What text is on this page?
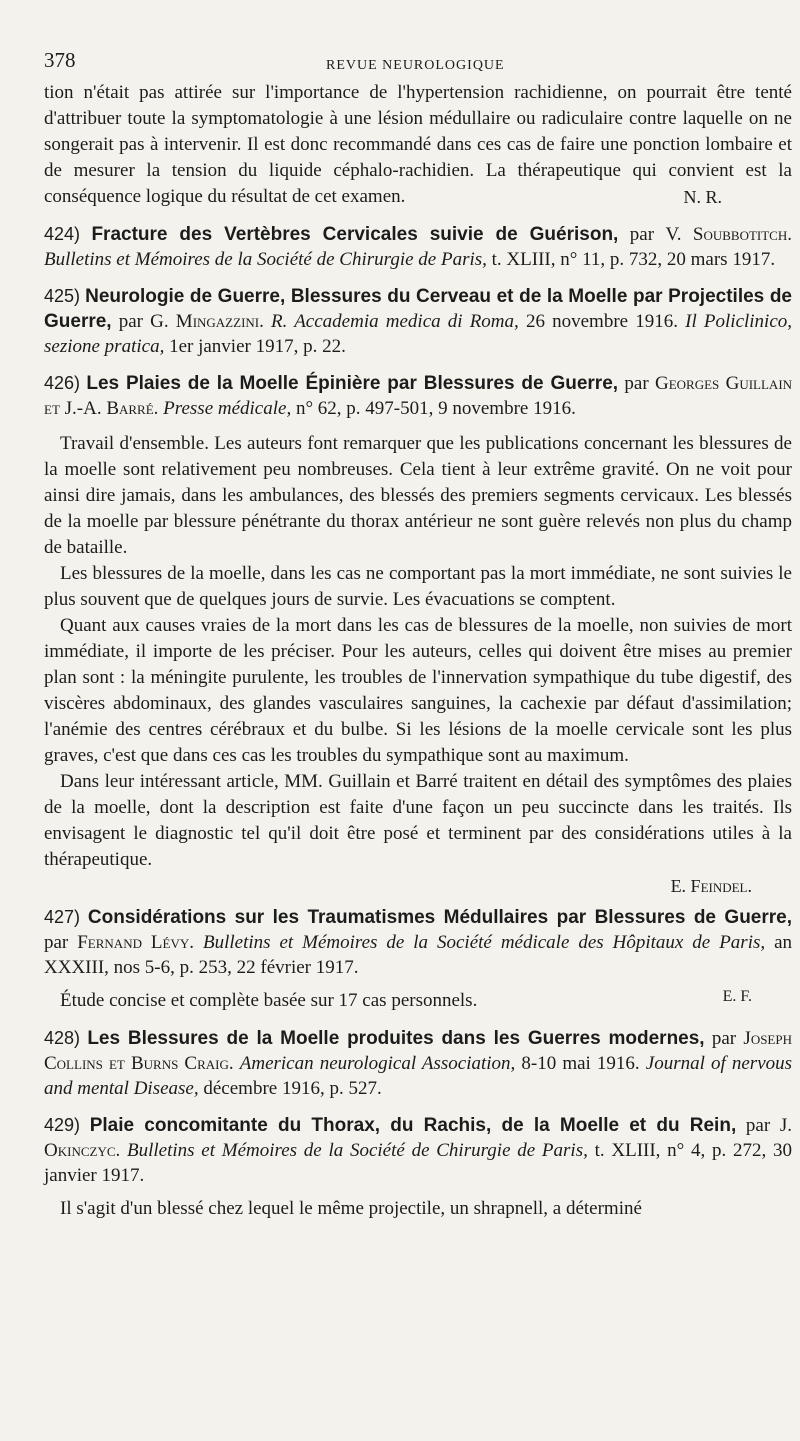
378	REVUE NEUROLOGIQUE

tion n'était pas attirée sur l'importance de l'hypertension rachidienne, on pourrait être tenté d'attribuer toute la symptomatologie à une lésion médullaire ou radiculaire contre laquelle on ne songerait pas à intervenir. Il est donc recommandé dans ces cas de faire une ponction lombaire et de mesurer la tension du liquide céphalo-rachidien. La thérapeutique qui convient est la conséquence logique du résultat de cet examen.	N. R.

424) Fracture des Vertèbres Cervicales suivie de Guérison, par V. Soubbotitch. Bulletins et Mémoires de la Société de Chirurgie de Paris, t. XLIII, n° 11, p. 732, 20 mars 1917.

425) Neurologie de Guerre, Blessures du Cerveau et de la Moelle par Projectiles de Guerre, par G. Mingazzini. R. Accademia medica di Roma, 26 novembre 1916. Il Policlinico, sezione pratica, 1er janvier 1917, p. 22.

426) Les Plaies de la Moelle Épinière par Blessures de Guerre, par Georges Guillain et J.-A. Barré. Presse médicale, n° 62, p. 497-501, 9 novembre 1916.

Travail d'ensemble. Les auteurs font remarquer que les publications concernant les blessures de la moelle sont relativement peu nombreuses. Cela tient à leur extrême gravité. On ne voit pour ainsi dire jamais, dans les ambulances, des blessés des premiers segments cervicaux. Les blessés de la moelle par blessure pénétrante du thorax antérieur ne sont guère relevés non plus du champ de bataille.

Les blessures de la moelle, dans les cas ne comportant pas la mort immédiate, ne sont suivies le plus souvent que de quelques jours de survie. Les évacuations se comptent.

Quant aux causes vraies de la mort dans les cas de blessures de la moelle, non suivies de mort immédiate, il importe de les préciser. Pour les auteurs, celles qui doivent être mises au premier plan sont : la méningite purulente, les troubles de l'innervation sympathique du tube digestif, des viscères abdominaux, des glandes vasculaires sanguines, la cachexie par défaut d'assimilation; l'anémie des centres cérébraux et du bulbe. Si les lésions de la moelle cervicale sont les plus graves, c'est que dans ces cas les troubles du sympathique sont au maximum.

Dans leur intéressant article, MM. Guillain et Barré traitent en détail des symptômes des plaies de la moelle, dont la description est faite d'une façon un peu succincte dans les traités. Ils envisagent le diagnostic tel qu'il doit être posé et terminent par des considérations utiles à la thérapeutique.

E. Feindel.

427) Considérations sur les Traumatismes Médullaires par Blessures de Guerre, par Fernand Lévy. Bulletins et Mémoires de la Société médicale des Hôpitaux de Paris, an XXXIII, nos 5-6, p. 253, 22 février 1917.

Étude concise et complète basée sur 17 cas personnels.	E. F.

428) Les Blessures de la Moelle produites dans les Guerres modernes, par Joseph Collins et Burns Craig. American neurological Association, 8-10 mai 1916. Journal of nervous and mental Disease, décembre 1916, p. 527.

429) Plaie concomitante du Thorax, du Rachis, de la Moelle et du Rein, par J. Okinczyc. Bulletins et Mémoires de la Société de Chirurgie de Paris, t. XLIII, n° 4, p. 272, 30 janvier 1917.

Il s'agit d'un blessé chez lequel le même projectile, un shrapnell, a déterminé
